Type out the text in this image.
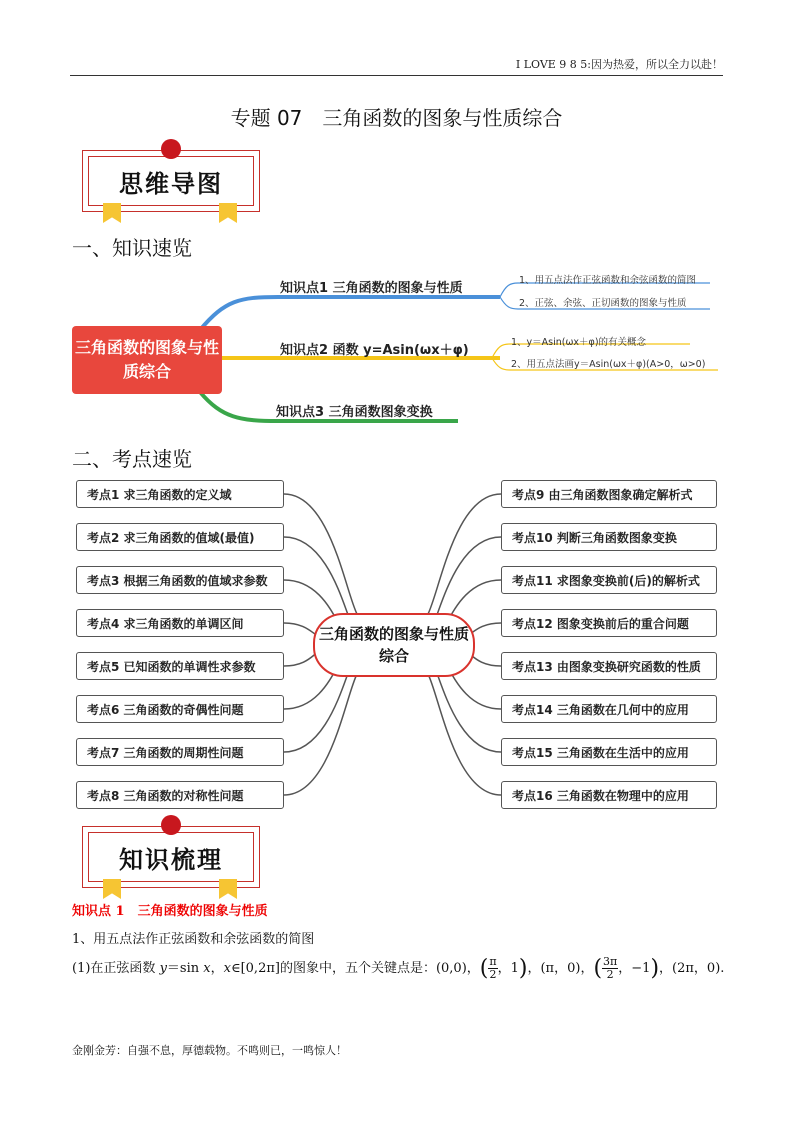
I LOVE 9 8 5:因为热爱，所以全力以赴！
专题 07　三角函数的图象与性质综合
思维导图
一、知识速览
三角函数的图象与性质综合
知识点1 三角函数的图象与性质
知识点2 函数 y=Asin(ωx＋φ)
知识点3 三角函数图象变换
1、用五点法作正弦函数和余弦函数的简图
2、正弦、余弦、正切函数的图象与性质
1、y＝Asin(ωx＋φ)的有关概念
2、用五点法画y＝Asin(ωx＋φ)(A>0，ω>0)
二、考点速览
考点1 求三角函数的定义域
考点2 求三角函数的值域(最值)
考点3 根据三角函数的值域求参数
考点4 求三角函数的单调区间
考点5 已知函数的单调性求参数
考点6 三角函数的奇偶性问题
考点7 三角函数的周期性问题
考点8 三角函数的对称性问题
考点9 由三角函数图象确定解析式
考点10 判断三角函数图象变换
考点11 求图象变换前(后)的解析式
考点12 图象变换前后的重合问题
考点13 由图象变换研究函数的性质
考点14 三角函数在几何中的应用
考点15 三角函数在生活中的应用
考点16 三角函数在物理中的应用
三角函数的图象与性质综合
知识梳理
知识点 1　三角函数的图象与性质
1、用五点法作正弦函数和余弦函数的简图
(1)在正弦函数 y＝sin x，x∈[0,2π]的图象中，五个关键点是：(0,0)，( $\frac{\pi}{2}$ ，1)，(π，0)，( $\frac{3\pi}{2}$ ，−1)，(2π，0).
金刚金芳：自强不息，厚德载物。不鸣则已，一鸣惊人！
